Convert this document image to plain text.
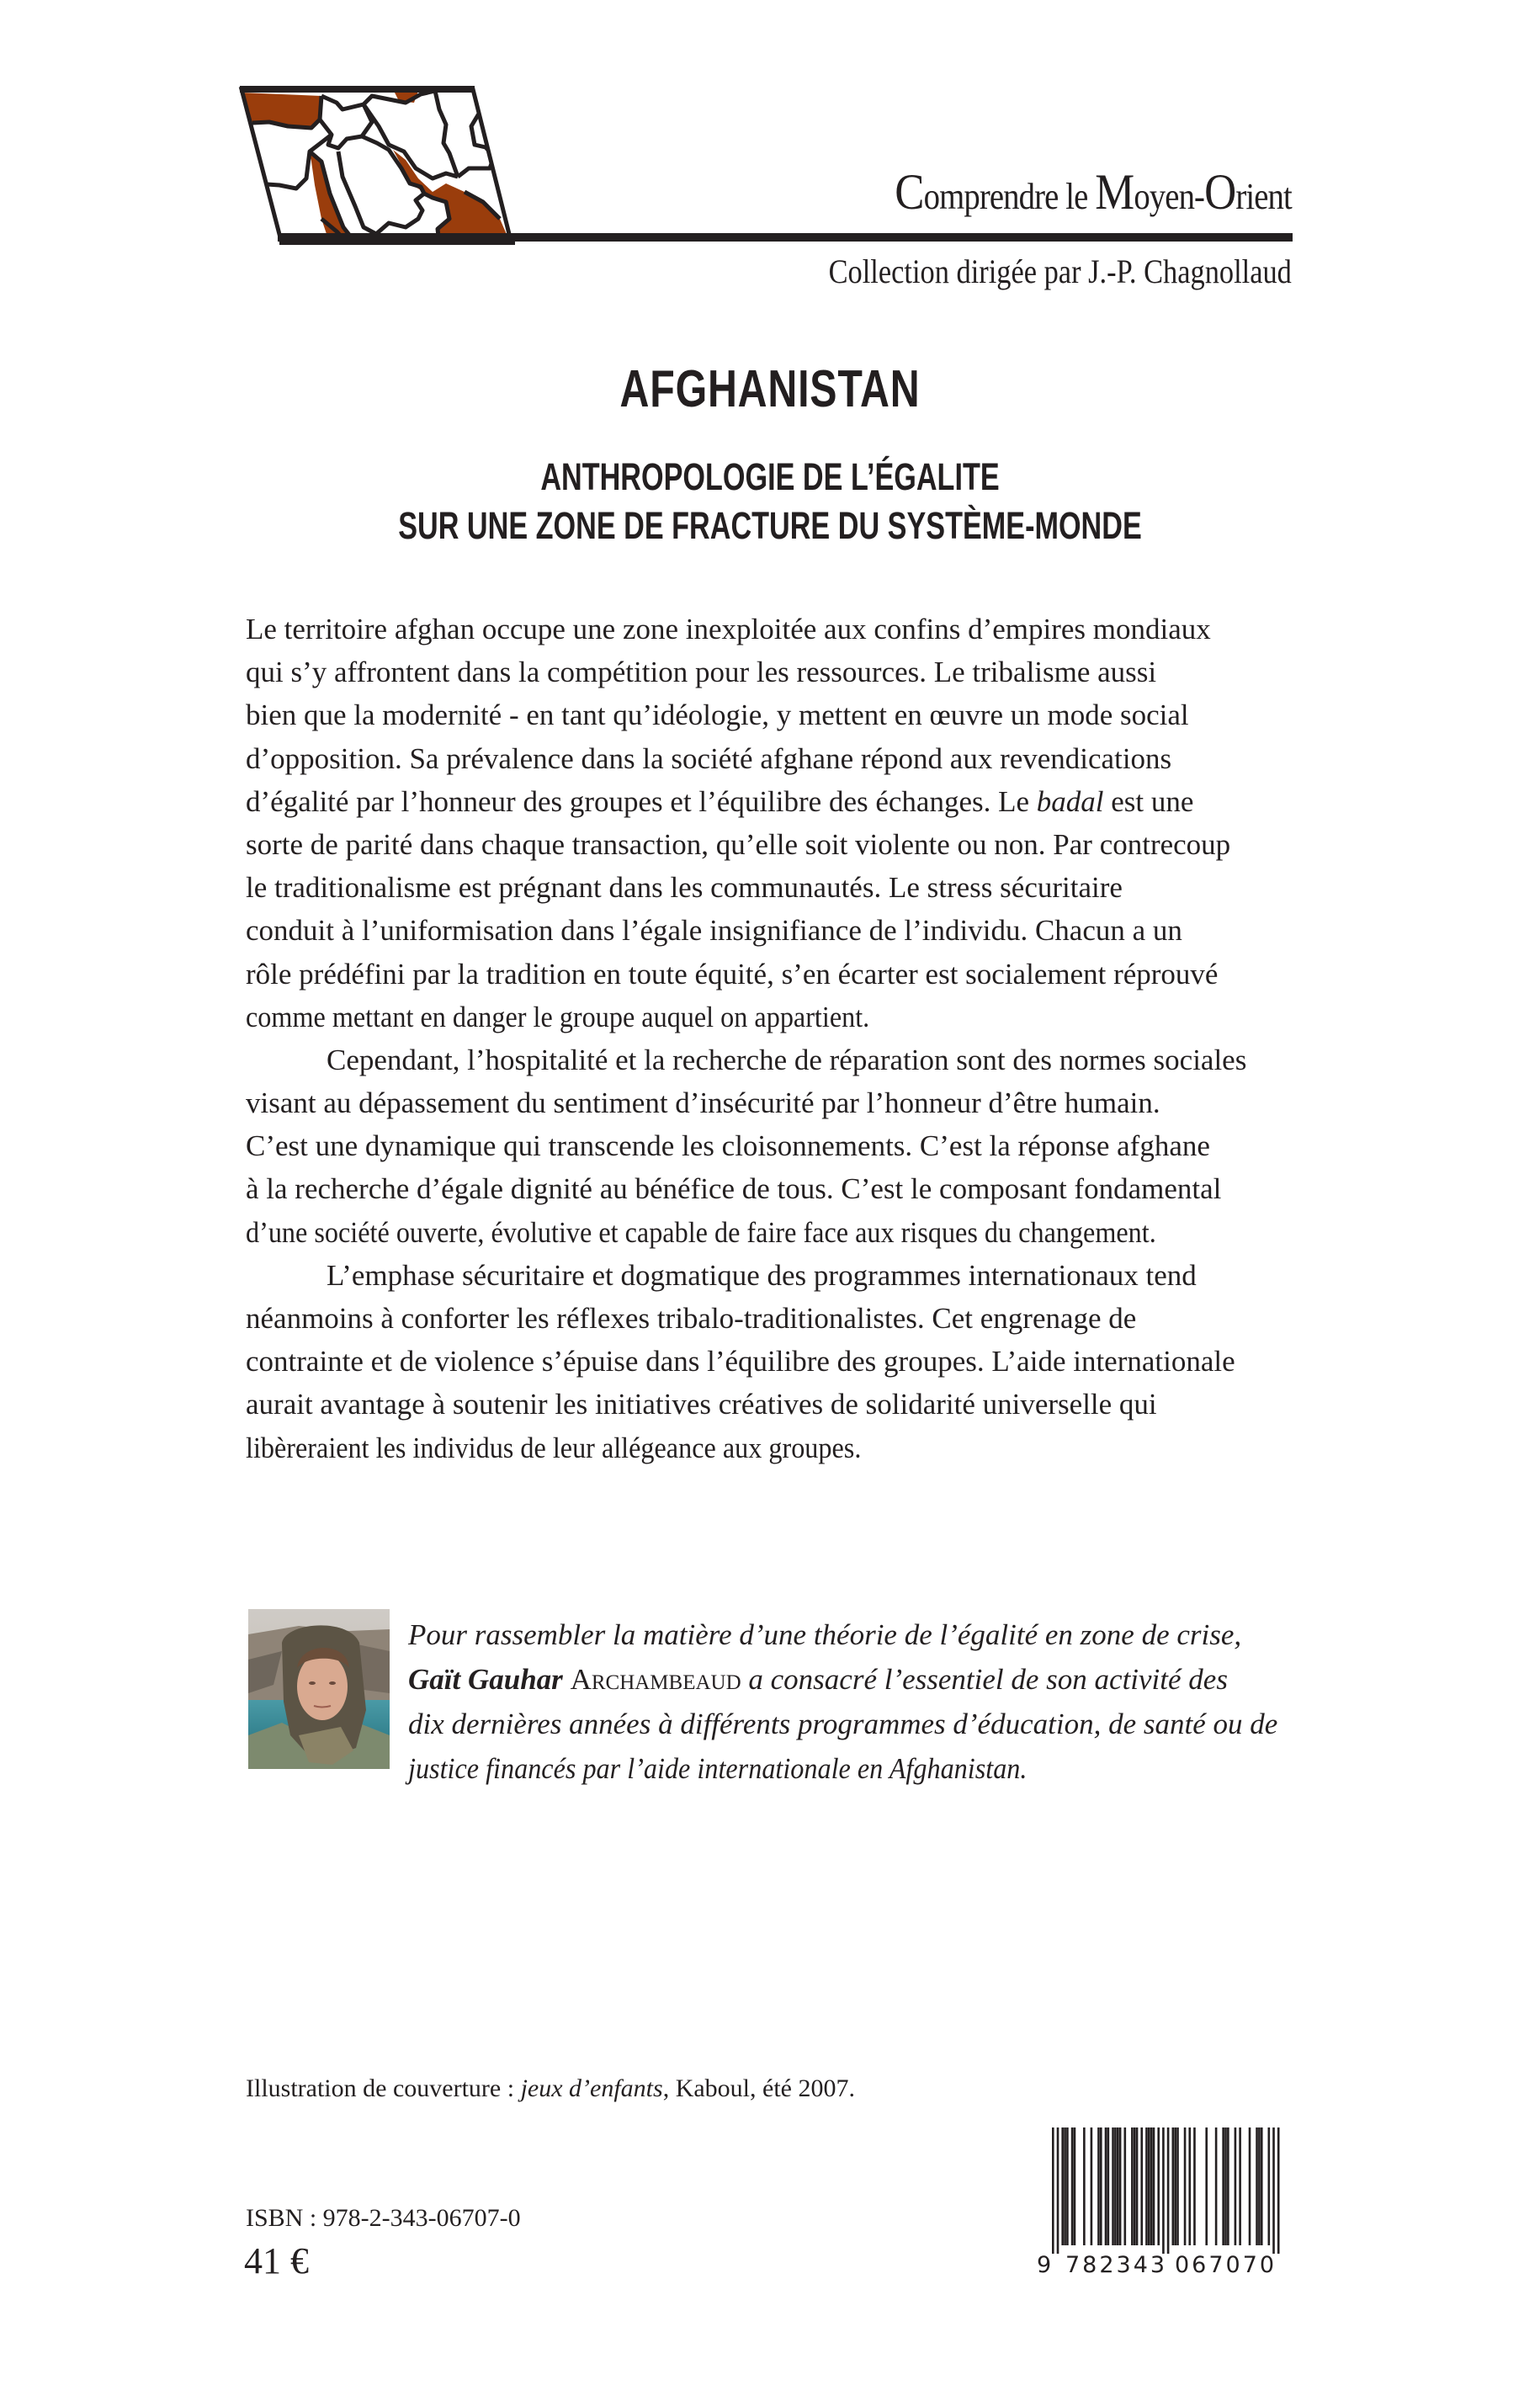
Comprendre le Moyen-Orient
Collection dirigée par J.-P. Chagnollaud
AFGHANISTAN
ANTHROPOLOGIE DE L’ÉGALITE
SUR UNE ZONE DE FRACTURE DU SYSTÈME-MONDE
Le territoire afghan occupe une zone inexploitée aux confins d’empires mondiaux
qui s’y affrontent dans la compétition pour les ressources. Le tribalisme aussi
bien que la modernité - en tant qu’idéologie, y mettent en œuvre un mode social
d’opposition. Sa prévalence dans la société afghane répond aux revendications
d’égalité par l’honneur des groupes et l’équilibre des échanges. Le badal est une
sorte de parité dans chaque transaction, qu’elle soit violente ou non. Par contrecoup
le traditionalisme est prégnant dans les communautés. Le stress sécuritaire
conduit à l’uniformisation dans l’égale insignifiance de l’individu. Chacun a un
rôle prédéfini par la tradition en toute équité, s’en écarter est socialement réprouvé
comme mettant en danger le groupe auquel on appartient.
Cependant, l’hospitalité et la recherche de réparation sont des normes sociales
visant au dépassement du sentiment d’insécurité par l’honneur d’être humain.
C’est une dynamique qui transcende les cloisonnements. C’est la réponse afghane
à la recherche d’égale dignité au bénéfice de tous. C’est le composant fondamental
d’une société ouverte, évolutive et capable de faire face aux risques du changement.
L’emphase sécuritaire et dogmatique des programmes internationaux tend
néanmoins à conforter les réflexes tribalo-traditionalistes. Cet engrenage de
contrainte et de violence s’épuise dans l’équilibre des groupes. L’aide internationale
aurait avantage à soutenir les initiatives créatives de solidarité universelle qui
libèreraient les individus de leur allégeance aux groupes.
Pour rassembler la matière d’une théorie de l’égalité en zone de crise,
Gaït Gauhar Archambeaud a consacré l’essentiel de son activité des
dix dernières années à différents programmes d’éducation, de santé ou de
justice financés par l’aide internationale en Afghanistan.
Illustration de couverture : jeux d’enfants, Kaboul, été 2007.
ISBN : 978-2-343-06707-0
41 €	9 782343 067070
